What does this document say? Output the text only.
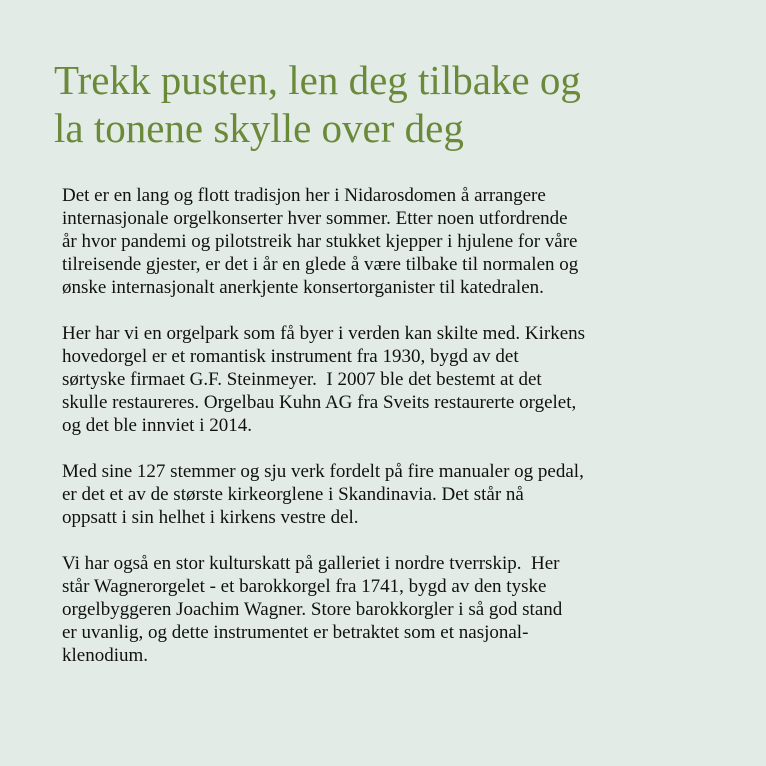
Trekk pusten, len deg tilbake og
la tonene skylle over deg

Det er en lang og flott tradisjon her i Nidarosdomen å arrangere
internasjonale orgelkonserter hver sommer. Etter noen utfordrende
år hvor pandemi og pilotstreik har stukket kjepper i hjulene for våre
tilreisende gjester, er det i år en glede å være tilbake til normalen og
ønske internasjonalt anerkjente konsertorganister til katedralen.

Her har vi en orgelpark som få byer i verden kan skilte med. Kirkens
hovedorgel er et romantisk instrument fra 1930, bygd av det
sørtyske firmaet G.F. Steinmeyer.  I 2007 ble det bestemt at det
skulle restaureres. Orgelbau Kuhn AG fra Sveits restaurerte orgelet,
og det ble innviet i 2014.

Med sine 127 stemmer og sju verk fordelt på fire manualer og pedal,
er det et av de største kirkeorglene i Skandinavia. Det står nå
oppsatt i sin helhet i kirkens vestre del.

Vi har også en stor kulturskatt på galleriet i nordre tverrskip.  Her
står Wagnerorgelet - et barokkorgel fra 1741, bygd av den tyske
orgelbyggeren Joachim Wagner. Store barokkorgler i så god stand
er uvanlig, og dette instrumentet er betraktet som et nasjonal-
klenodium.
